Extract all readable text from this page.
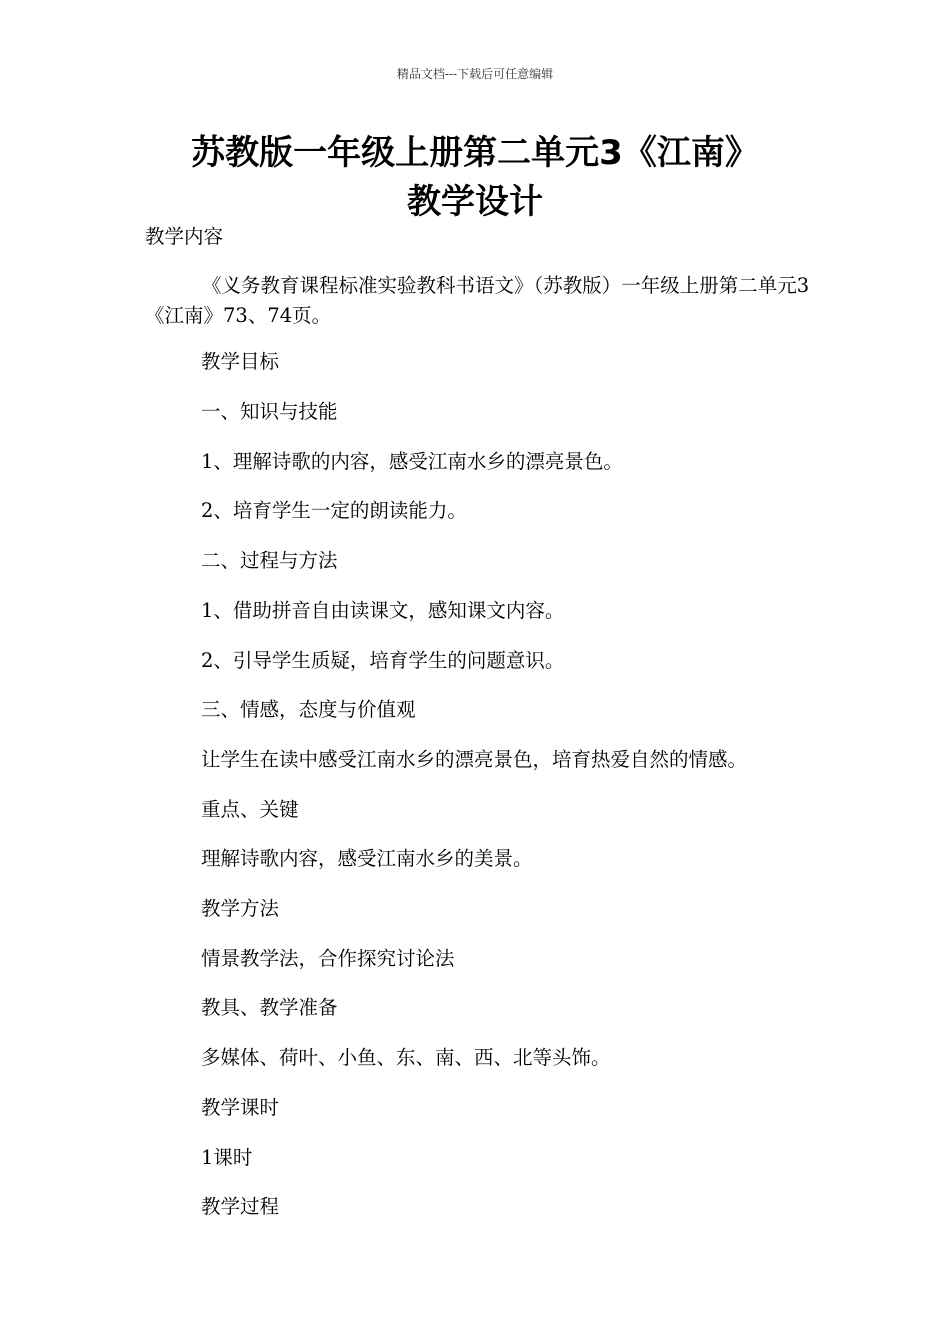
精品文档---下载后可任意编辑
苏教版一年级上册第二单元3《江南》
教学设计

教学内容

《义务教育课程标准实验教科书语文》（苏教版）一年级上册第二单元3《江南》73、74页。

教学目标

一、知识与技能

1、理解诗歌的内容，感受江南水乡的漂亮景色。

2、培育学生一定的朗读能力。

二、过程与方法

1、借助拼音自由读课文，感知课文内容。

2、引导学生质疑，培育学生的问题意识。

三、情感，态度与价值观

让学生在读中感受江南水乡的漂亮景色，培育热爱自然的情感。

重点、关键

理解诗歌内容，感受江南水乡的美景。

教学方法

情景教学法，合作探究讨论法

教具、教学准备

多媒体、荷叶、小鱼、东、南、西、北等头饰。

教学课时

1课时

教学过程
